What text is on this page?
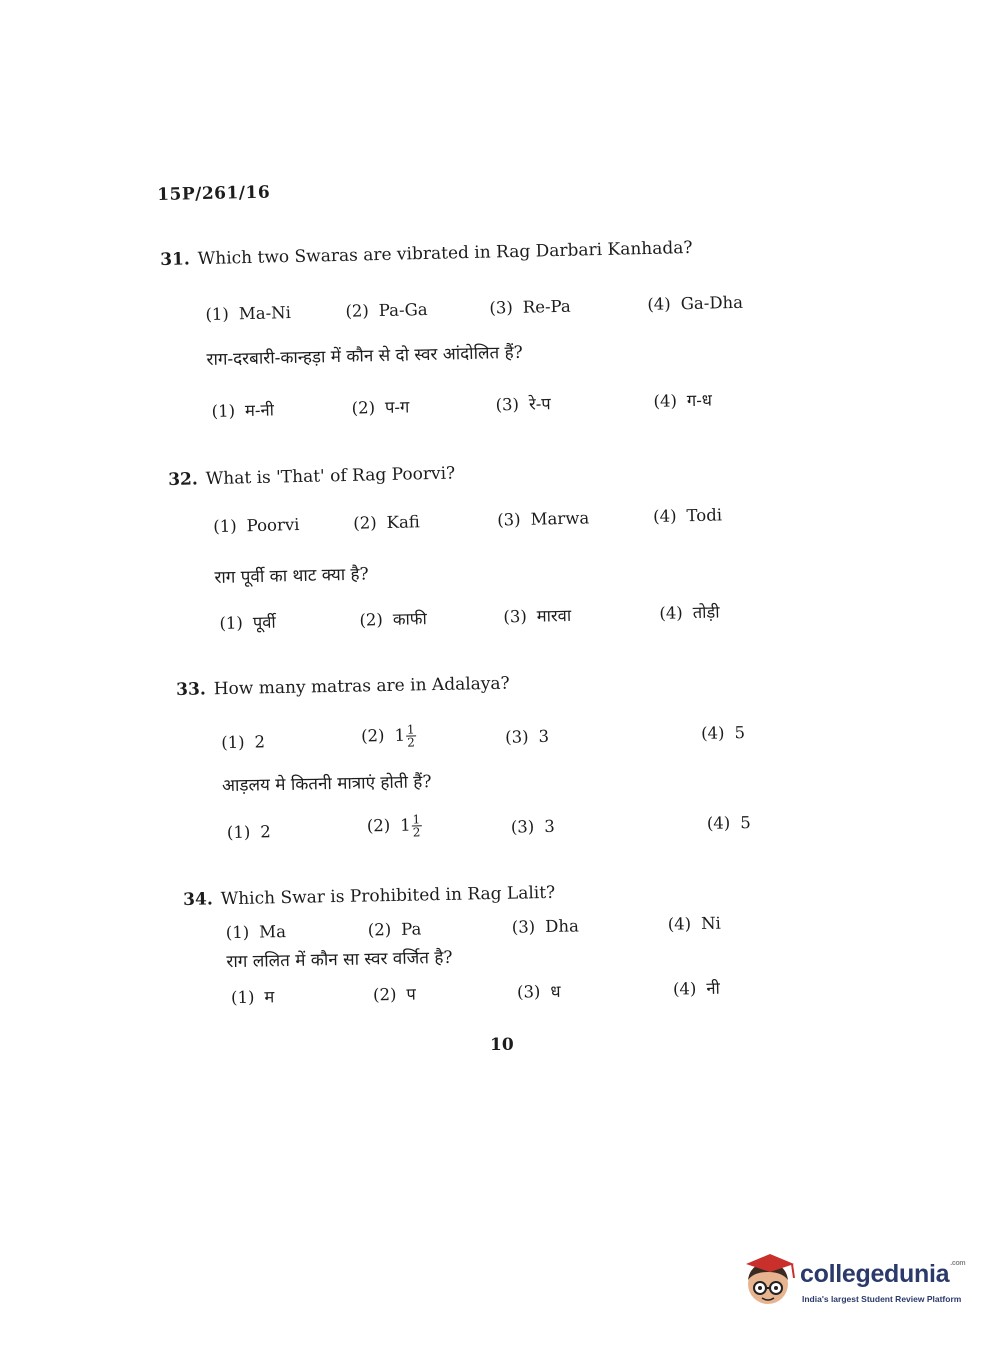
15P/261/16
31. Which two Swaras are vibrated in Rag Darbari Kanhada?
(1) Ma-Ni	(2) Pa-Ga	(3) Re-Pa	(4) Ga-Dha
राग-दरबारी-कान्हड़ा में कौन से दो स्वर आंदोलित हैं?
(1) म-नी	(2) प-ग	(3) रे-प	(4) ग-ध
32. What is 'That' of Rag Poorvi?
(1) Poorvi	(2) Kafi	(3) Marwa	(4) Todi
राग पूर्वी का थाट क्या है?
(1) पूर्वी	(2) काफी	(3) मारवा	(4) तोड़ी
33. How many matras are in Adalaya?
(1) 2	(2) $1 \frac{1}{2}$	(3) 3	(4) 5
आड़लय मे कितनी मात्राएं होती हैं?
(1) 2	(2) $1 \frac{1}{2}$	(3) 3	(4) 5
34. Which Swar is Prohibited in Rag Lalit?
(1) Ma	(2) Pa	(3) Dha	(4) Ni
राग ललित में कौन सा स्वर वर्जित है?
(1) म	(2) प	(3) ध	(4) नी
10
collegedunia$^{.com}$
India's largest Student Review Platform
